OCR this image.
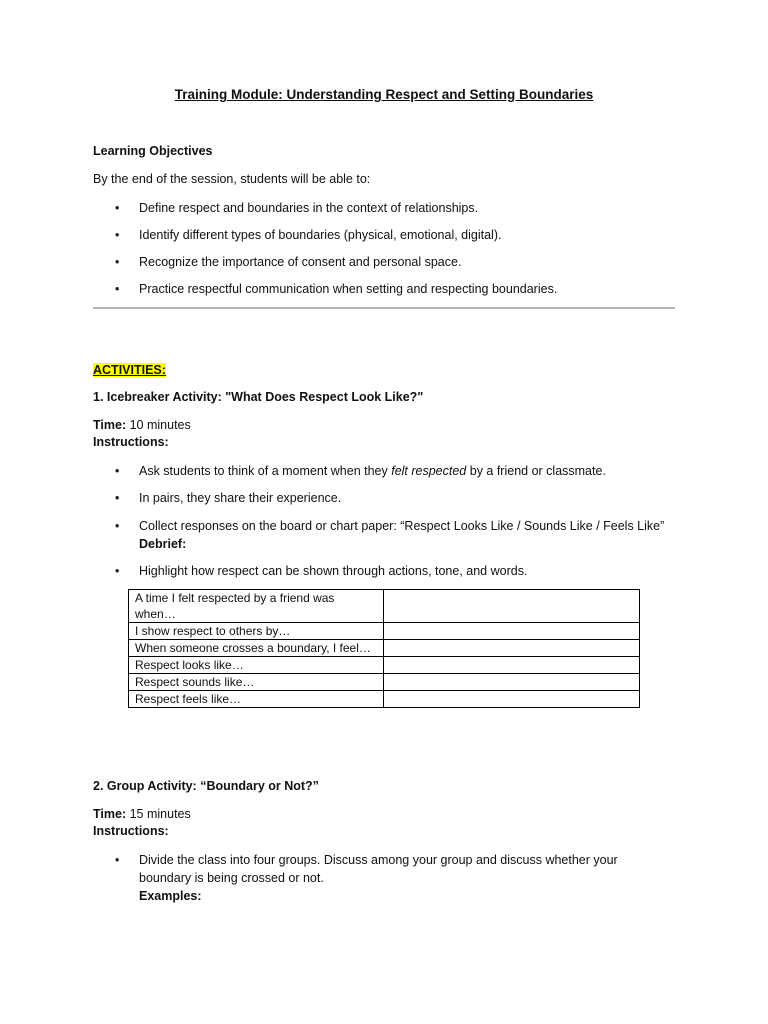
Training Module: Understanding Respect and Setting Boundaries
Learning Objectives
By the end of the session, students will be able to:
• Define respect and boundaries in the context of relationships.
• Identify different types of boundaries (physical, emotional, digital).
• Recognize the importance of consent and personal space.
• Practice respectful communication when setting and respecting boundaries.
ACTIVITIES:
1. Icebreaker Activity: "What Does Respect Look Like?"
Time: 10 minutes
Instructions:
• Ask students to think of a moment when they felt respected by a friend or classmate.
• In pairs, they share their experience.
• Collect responses on the board or chart paper: “Respect Looks Like / Sounds Like / Feels Like”
Debrief:
• Highlight how respect can be shown through actions, tone, and words.
A time I felt respected by a friend was when…	
I show respect to others by…	
When someone crosses a boundary, I feel…	
Respect looks like…	
Respect sounds like…	
Respect feels like…	
2. Group Activity: “Boundary or Not?”
Time: 15 minutes
Instructions:
• Divide the class into four groups. Discuss among your group and discuss whether your boundary is being crossed or not.
Examples:
